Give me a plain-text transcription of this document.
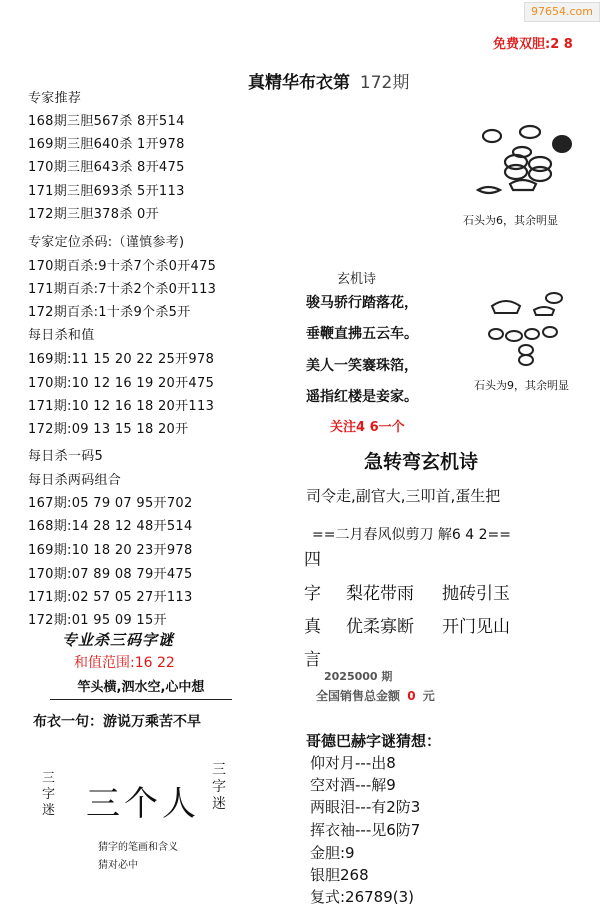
97654.com
免费双胆:2 8
真精华布衣第 172期
专家推荐
168期三胆567杀 8开514
169期三胆640杀 1开978
170期三胆643杀 8开475
171期三胆693杀 5开113
172期三胆378杀 0开
专家定位杀码:（谨慎参考)
170期百杀:9十杀7个杀0开475
171期百杀:7十杀2个杀0开113
172期百杀:1十杀9个杀5开
每日杀和值
169期:11 15 20 22 25开978
170期:10 12 16 19 20开475
171期:10 12 16 18 20开113
172期:09 13 15 18 20开
每日杀一码5
每日杀两码组合
167期:05 79 07 95开702
168期:14 28 12 48开514
169期:10 18 20 23开978
170期:07 89 08 79开475
171期:02 57 05 27开113
172期:01 95 09 15开
专业杀三码字谜
和值范围:16 22
竿头横,泗水空,心中想
布衣一句：游说万乘苦不早
三字迷 三个人
三字迷
猜字的笔画和含义
猜对必中
石头为6，其余明显
玄机诗
骏马骄行踏落花，
垂鞭直拂五云车。
美人一笑褰珠箔，
遥指红楼是妾家。
关注4 6一个
石头为9，其余明显
急转弯玄机诗
司令走,副官大,三叩首,蛋生把
==二月春风似剪刀 解6 4 2==
四
字
真
言
梨花带雨 抛砖引玉
优柔寡断 开门见山
2025000 期
全国销售总金额 0 元
哥德巴赫字谜猜想：
仰对月---出8
空对酒---解9
两眼泪---有2防3
挥衣袖---见6防7
金胆:9
银胆268
复式:26789(3)
